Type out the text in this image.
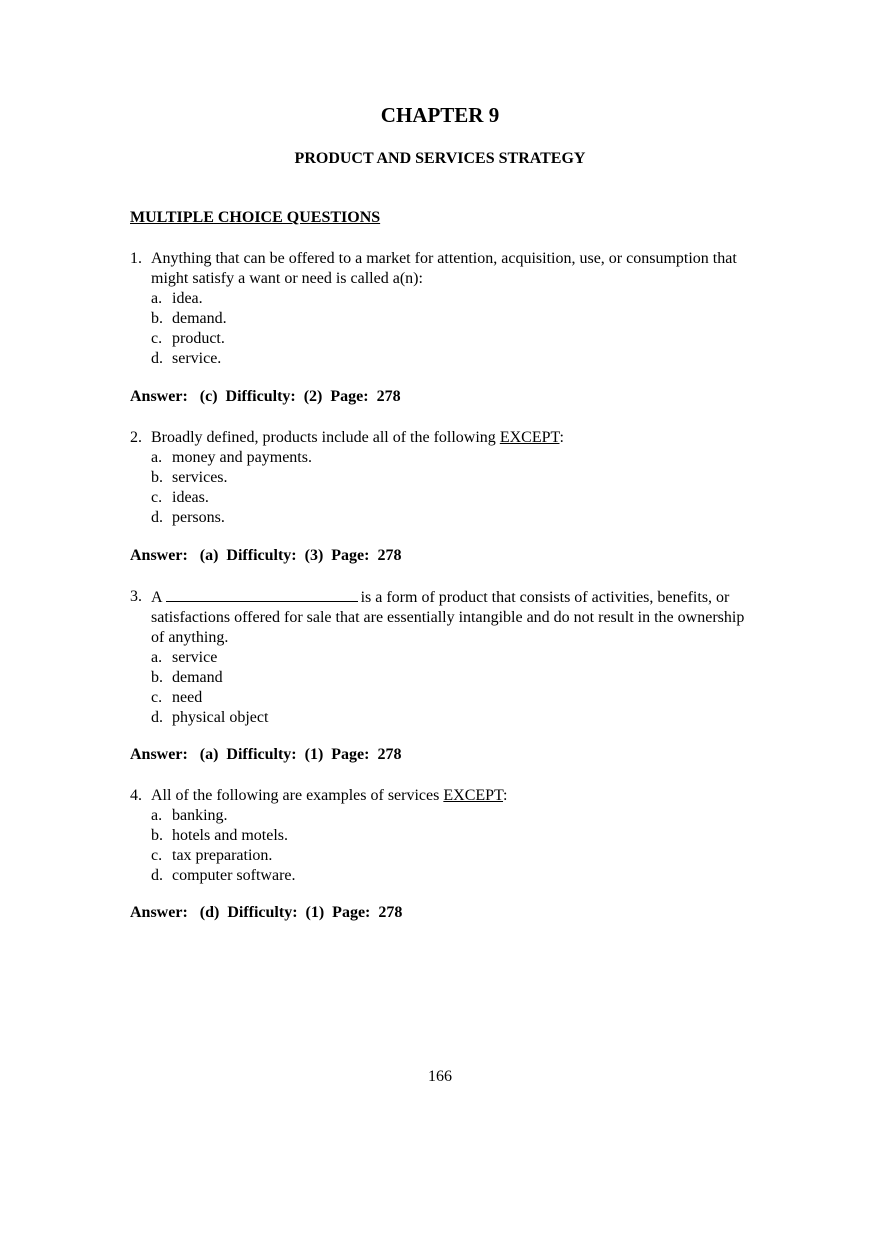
CHAPTER 9
PRODUCT AND SERVICES STRATEGY
MULTIPLE CHOICE QUESTIONS
1. Anything that can be offered to a market for attention, acquisition, use, or consumption that might satisfy a want or need is called a(n):
a. idea.
b. demand.
c. product.
d. service.
Answer:   (c)  Difficulty:  (2)  Page:  278
2. Broadly defined, products include all of the following EXCEPT:
a. money and payments.
b. services.
c. ideas.
d. persons.
Answer:   (a)  Difficulty:  (3)  Page:  278
3. A	is a form of product that consists of activities, benefits, or satisfactions offered for sale that are essentially intangible and do not result in the ownership of anything.
a. service
b. demand
c. need
d. physical object
Answer:   (a)  Difficulty:  (1)  Page:  278
4. All of the following are examples of services EXCEPT:
a. banking.
b. hotels and motels.
c. tax preparation.
d. computer software.
Answer:   (d)  Difficulty:  (1)  Page:  278
166
